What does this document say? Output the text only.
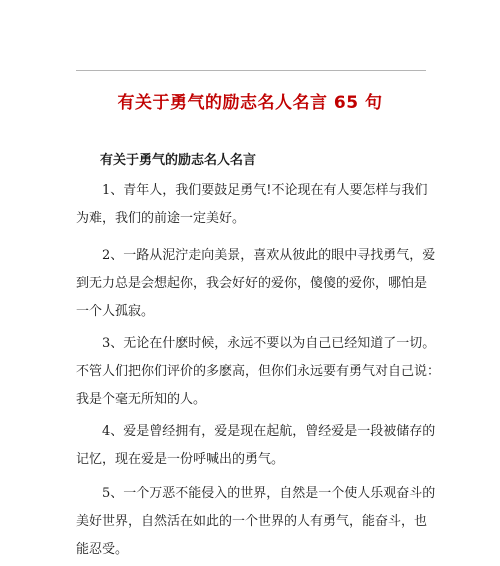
有关于勇气的励志名人名言 65 句
有关于勇气的励志名人名言

1、青年人，我们要鼓足勇气!不论现在有人要怎样与我们
为难，我们的前途一定美好。

2、一路从泥泞走向美景，喜欢从彼此的眼中寻找勇气，爱
到无力总是会想起你，我会好好的爱你，傻傻的爱你，哪怕是
一个人孤寂。

3、无论在什麽时候，永远不要以为自己已经知道了一切。
不管人们把你们评价的多麽高，但你们永远要有勇气对自己说：
我是个毫无所知的人。

4、爱是曾经拥有，爱是现在起航，曾经爱是一段被储存的
记忆，现在爱是一份呼喊出的勇气。

5、一个万恶不能侵入的世界，自然是一个使人乐观奋斗的
美好世界，自然活在如此的一个世界的人有勇气，能奋斗，也
能忍受。
